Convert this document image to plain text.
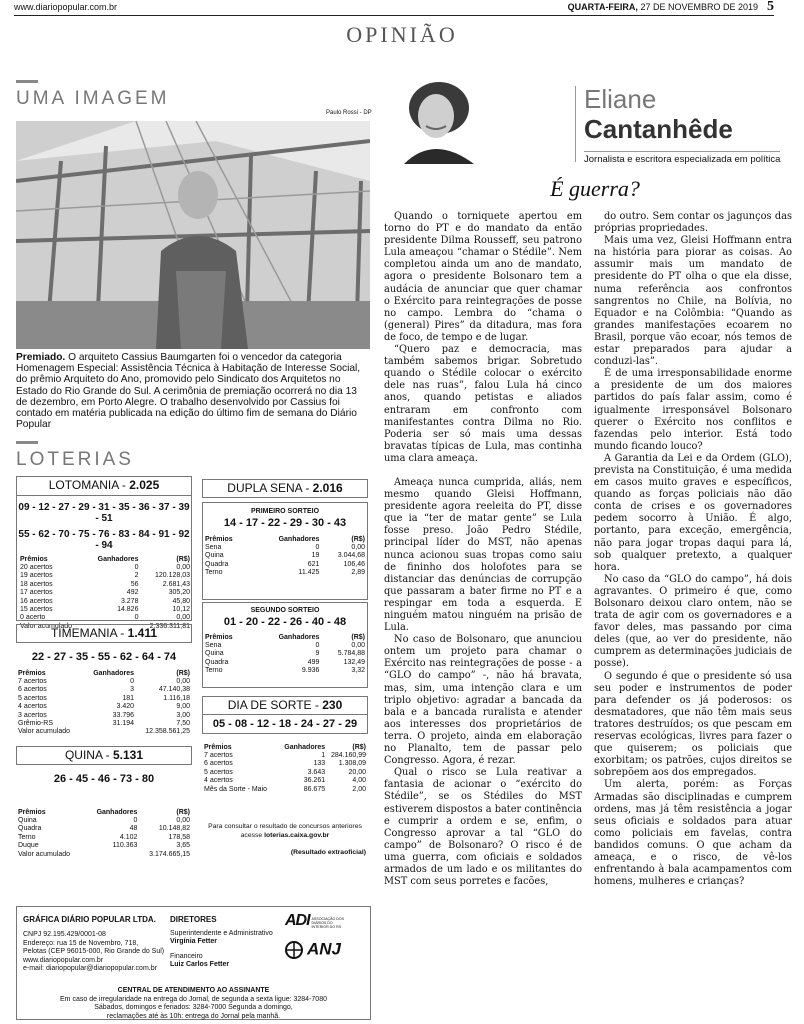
www.diariopopular.com.br	QUARTA-FEIRA, 27 DE NOVEMBRO DE 2019 5
OPINIÃO
UMA IMAGEM
Paulo Rossi - DP
Premiado. O arquiteto Cassius Baumgarten foi o vencedor da categoria Homenagem Especial: Assistência Técnica à Habitação de Interesse Social, do prêmio Arquiteto do Ano, promovido pelo Sindicato dos Arquitetos no Estado do Rio Grande do Sul. A cerimônia de premiação ocorrerá no dia 13 de dezembro, em Porto Alegre. O trabalho desenvolvido por Cassius foi contado em matéria publicada na edição do último fim de semana do Diário Popular
LOTERIAS
LOTOMANIA - 2.025
09 - 12 - 27 - 29 - 31 - 35 - 36 - 37 - 39 - 51
55 - 62 - 70 - 75 - 76 - 83 - 84 - 91 - 92 - 94
Prêmios	Ganhadores	(R$)
20 acertos	0	0,00
19 acertos	2	120.128,03
18 acertos	56	2.681,43
17 acertos	492	305,20
16 acertos	3.278	45,80
15 acertos	14.826	10,12
0 acerto	0	0,00
Valor acumulado		2.336.311,81
TIMEMANIA - 1.411
22 - 27 - 35 - 55 - 62 - 64 - 74
Prêmios	Ganhadores	(R$)
7 acertos	0	0,00
6 acertos	3	47.140,38
5 acertos	181	1.116,18
4 acertos	3.420	9,00
3 acertos	33.796	3,00
Grêmio-RS	31.194	7,50
Valor acumulado		12.358.561,25
QUINA - 5.131
26 - 45 - 46 - 73 - 80
Prêmios	Ganhadores	(R$)
Quina	0	0,00
Quadra	48	10.148,82
Terno	4.102	178,58
Duque	110.363	3,65
Valor acumulado		3.174.665,15
DUPLA SENA - 2.016
PRIMEIRO SORTEIO
14 - 17 - 22 - 29 - 30 - 43
Prêmios	Ganhadores	(R$)
Sena	0	0,00
Quina	19	3.044,68
Quadra	621	106,46
Terno	11.425	2,89
SEGUNDO SORTEIO
01 - 20 - 22 - 26 - 40 - 48
Prêmios	Ganhadores	(R$)
Sena	0	0,00
Quina	9	5.784,88
Quadra	499	132,49
Terno	9.936	3,32
DIA DE SORTE - 230
05 - 08 - 12 - 18 - 24 - 27 - 29
Prêmios	Ganhadores	(R$)
7 acertos	1	284.160,99
6 acertos	133	1.308,09
5 acertos	3.643	20,00
4 acertos	36.261	4,00
Mês da Sorte - Maio	86.675	2,00
Para consultar o resultado de concursos anteriores
acesse loterias.caixa.gov.br
(Resultado extraoficial)
GRÁFICA DIÁRIO POPULAR LTDA.
CNPJ 92.195.429/0001-08
Endereço: rua 15 de Novembro, 718,
Pelotas (CEP 96015-000, Rio Grande do Sul)
www.diariopopular.com.br
e-mail: diariopopular@diariopopular.com.br
DIRETORES
Superintendente e Administrativo
Virgínia Fetter
Financeiro
Luiz Carlos Fetter
ADI ASSOCIAÇÃO DOS DIÁRIOS DO INTERIOR DO RS
ANJ
CENTRAL DE ATENDIMENTO AO ASSINANTE
Em caso de irregularidade na entrega do Jornal, de segunda a sexta ligue: 3284-7080
Sábados, domingos e feriados: 3284-7000 Segunda a domingo,
reclamações até às 10h: entrega do Jornal pela manhã.
Eliane
Cantanhêde
Jornalista e escritora especializada em política
É guerra?

Quando o torniquete apertou em torno do PT e do mandato da então presidente Dilma Rousseff, seu patrono Lula ameaçou “chamar o Stédile”. Nem completou ainda um ano de mandato, agora o presidente Bolsonaro tem a audácia de anunciar que quer chamar o Exército para reintegrações de posse no campo. Lembra do “chama o (general) Pires” da ditadura, mas fora de foco, de tempo e de lugar.

“Quero paz e democracia, mas também sabemos brigar. Sobretudo quando o Stédile colocar o exército dele nas ruas”, falou Lula há cinco anos, quando petistas e aliados entraram em confronto com manifestantes contra Dilma no Rio. Poderia ser só mais uma dessas bravatas típicas de Lula, mas continha uma clara ameaça.

Ameaça nunca cumprida, aliás, nem mesmo quando Gleisi Hoffmann, presidente agora reeleita do PT, disse que ia “ter de matar gente” se Lula fosse preso. João Pedro Stédile, principal líder do MST, não apenas nunca acionou suas tropas como saiu de fininho dos holofotes para se distanciar das denúncias de corrupção que passaram a bater firme no PT e a respingar em toda a esquerda. E ninguém matou ninguém na prisão de Lula.

No caso de Bolsonaro, que anunciou ontem um projeto para chamar o Exército nas reintegrações de posse - a “GLO do campo” -, não há bravata, mas, sim, uma intenção clara e um triplo objetivo: agradar a bancada da bala e a bancada ruralista e atender aos interesses dos proprietários de terra. O projeto, ainda em elaboração no Planalto, tem de passar pelo Congresso. Agora, é rezar.

Qual o risco se Lula reativar a fantasia de acionar o “exército do Stédile”, se os Stédiles do MST estiverem dispostos a bater continência e cumprir a ordem e se, enfim, o Congresso aprovar a tal “GLO do campo” de Bolsonaro? O risco é de uma guerra, com oficiais e soldados armados de um lado e os militantes do MST com seus porretes e facões,

do outro. Sem contar os jagunços das próprias propriedades.

Mais uma vez, Gleisi Hoffmann entra na história para piorar as coisas. Ao assumir mais um mandato de presidente do PT olha o que ela disse, numa referência aos confrontos sangrentos no Chile, na Bolívia, no Equador e na Colômbia: “Quando as grandes manifestações ecoarem no Brasil, porque vão ecoar, nós temos de estar preparados para ajudar a conduzi-las”.

É de uma irresponsabilidade enorme a presidente de um dos maiores partidos do país falar assim, como é igualmente irresponsável Bolsonaro querer o Exército nos conflitos e fazendas pelo interior. Está todo mundo ficando louco?

A Garantia da Lei e da Ordem (GLO), prevista na Constituição, é uma medida em casos muito graves e específicos, quando as forças policiais não dão conta de crises e os governadores pedem socorro à União. É algo, portanto, para exceção, emergência, não para jogar tropas daqui para lá, sob qualquer pretexto, a qualquer hora.

No caso da “GLO do campo”, há dois agravantes. O primeiro é que, como Bolsonaro deixou claro ontem, não se trata de agir com os governadores e a favor deles, mas passando por cima deles (que, ao ver do presidente, não cumprem as determinações judiciais de posse).

O segundo é que o presidente só usa seu poder e instrumentos de poder para defender os já poderosos: os desmatadores, que não têm mais seus tratores destruídos; os que pescam em reservas ecológicas, livres para fazer o que quiserem; os policiais que exorbitam; os patrões, cujos direitos se sobrepõem aos dos empregados.

Um alerta, porém: as Forças Armadas são disciplinadas e cumprem ordens, mas já têm resistência a jogar seus oficiais e soldados para atuar como policiais em favelas, contra bandidos comuns. O que acham da ameaça, e o risco, de vê-los enfrentando à bala acampamentos com homens, mulheres e crianças?
